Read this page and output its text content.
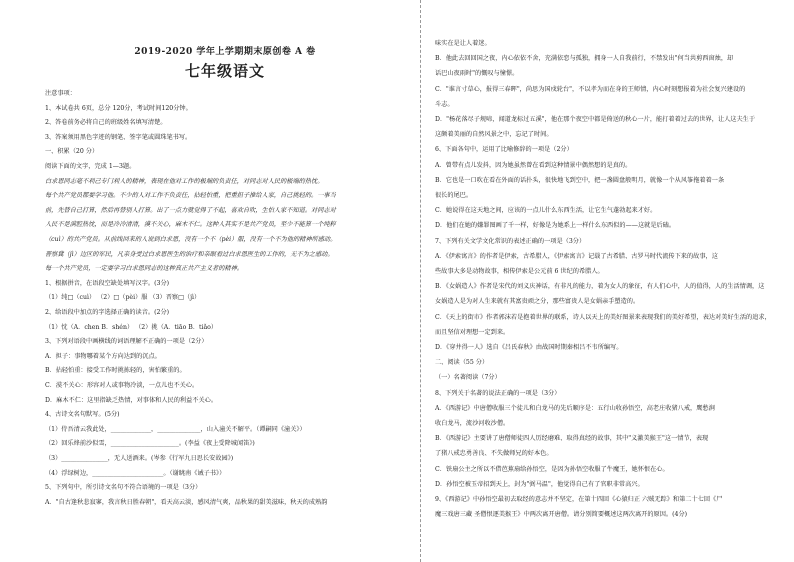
2019-2020 学年上学期期末原创卷 A 卷
七年级语文
注意事项：
1、本试卷共 6页，总分 120分，考试时间120分钟。
2、答卷前务必将自己的班级姓名填写清楚。
3、答案须用黑色字迹的钢笔、签字笔或圆珠笔书写。
一、积累（20 分）
阅读下面的文字，完成 1—3题。
白求恩同志毫不利己专门利人的精神，表现在他对工作的极端的负责任，对同志对人民的极端的热忱。
每个共产党员都要学习他。不少的人对工作不负责任，拈轻怕重，把重担子推给人家，自己挑轻的。一事当
前，先替自己打算，然后再替别人打算。出了一点力就觉得了不起，喜欢自吹，生怕人家不知道。对同志对
人民不是满腔热忱，而是冷冷清清，漠不关心，麻木不仁。这种人其实不是共产党员，至少不能算一个纯粹
（cuì）的共产党员。从前线回来的人说到白求恩，没有一个不（pèi）服，没有一个不为他的精神所感动。
晋察冀（jì）边区的军民，凡亲身受过白求恩医生的治疗和亲眼看过白求恩医生的工作的，无不为之感动。
每一个共产党员，一定要学习白求恩同志的这种真正共产主义者的精神。
1、根据拼音，在语段空缺处填写汉字。(3分)
（1）纯□（cuì） （2）□（pèi）服 （3）晋察□（jì）
2、给语段中加点的字选择正确的读音。(2分)
（1）忱（A．chen B．shén） （2）挑（A．tiāo B．tiǎo）
3、下列对语段中画横线的词语理解不正确的一项是（2分）
A．担子：事物哪着某个方向达到的沉点。
B．拈轻怕重：接受工作时挑拣轻的，害怕繁重的。
C．漠不关心：形容对人或事物冷淡，一点儿也不关心。
D．麻木不仁：这里指缺乏热情，对事体和人民的利益不关心。
4、古诗文名句默写。(5分)
（1）侍吾清云我此处，_____________，______________，山入潼关不解平。（谭嗣同《潼关》）
（2）回乐烽前沙似雪，______________________。(李益《夜上受降城闻笛》)
（3）_______________，无人送酒来。(岑参《行军九日思长安故园》)
（4）浮绿树边，_______________________。（谢眺南《诫子书》）
5、下列句中，所引诗文名句不符合语境的一项是（3分）
A．"自古逢秋悲寂寥，我言秋日胜春朝"，看天高云淡，感风清气爽，品秋果的甜美滋味，秋天的成熟韵
味实在是让人着迷。
B．他此去回回国之夜，内心依依不舍，充满依恋与孤独，拥身一人自我前行，不禁发出"何当共剪西窗烛，却
话巴山夜雨时"的慨叹与憧憬。
C．"谁言寸草心，报得三春晖"，尚思为国戍轮台"，不以孝为而在身的王师情，内心时刻想报着为社会复兴建设的
斗志。
D．"杨花落尽子规啼，闻道龙标过五溪"，他在那个夜空中都是倚送的秋心一片，能打着着过去的世界，让人这夫生于
这颇着美丽的自然风景之中，忘记了时间。
6、下面各句中，运用了比喻修辞的一项是（2分）
A．曾带有点儿发抖，因为她虽然曾在看到这种情景中偶然想的是真的。
B．它也是一口吹在看在外面的话扑头，很快地飞到空中，把一盏圆盘般明月，就像一个从风筝拖着着一条
很长的尾巴。
C．她说得在这天地之间，应该的一点儿什么东西生活，让它生气蓬勃起来才好。
D．他们在她的嫌罪图画了千一样，好像是为她系上一样什么东西似的——这就是后磕。
7、下列有关文学文化常识的表述正确的一项是（3分）
A．《伊索寓言》的作者是伊索，古希腊人，《伊索寓言》记载了古希腊、古罗马时代流传下来的故事，这
些故事大多是动物故事，相传伊索是公元前 6 世纪的希腊人。
B．《女娲造人》作者是宋代的刘义庆神话，有非凡的能力，着为女人的象征，有人们心中，人的值得，人的生活情调，这
女娲造人是为对人生来就有其富贵顽之分，那些富贵人是女娲亲手塑造的。
C．《天上的街市》作者郭沫若是抱着世界的联系，诗人以天上的美好图景来表现我们的美好希望，表达对美好生活的追求，
而且坚信对理想一定到来。
D．《穿井得一人》选自《吕氏春秋》由战国时期秦相吕不韦所编写。
二、阅读（55 分）
（一）名著阅读（7分）
8、下列关于名著的说法正确的一项是（3分）
A．《西游记》中唐僧收服三个徒儿和白龙马的先后顺序是：五行山收孙悟空，高老庄收猪八戒，鹰愁涧
收白龙马，流沙河收沙僧。
B．《西游记》主要讲了唐僧师徒四人历经磨难、取得真经的故事，其中"义激美猴王"这一情节，表现
了猪八戒忠勇善良、不失做师兄的好本色。
C．铁扇公主之所以不借芭蕉扇给孙悟空，是因为孙悟空收服了牛魔王，她怀恨在心。
D．孙悟空被玉帝招到天上，封为"弼马温"，他觉得自己有了官职非常高兴。
9、《西游记》中孙悟空最初去取经的意志并不坚定，在第十四回《心猿归正 六贼无踪》和第二十七回《尸
魔三戏唐三藏 圣僧恨逐美猴王》中两次离开唐僧。请分别简要概述这两次离开的原因。(4分)
